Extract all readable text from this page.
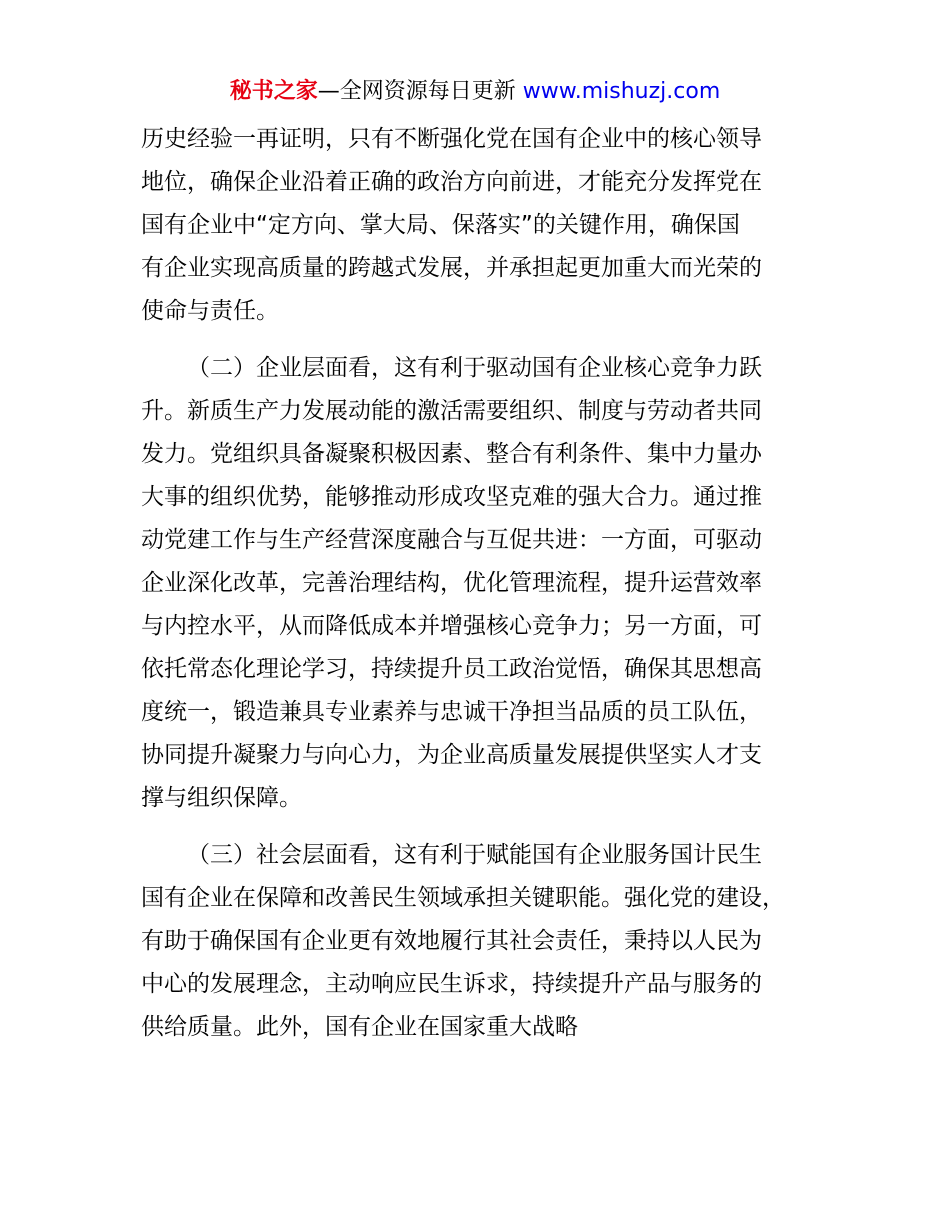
秘书之家—全网资源每日更新 www.mishuzj.com

历史经验一再证明，只有不断强化党在国有企业中的核心领导
地位，确保企业沿着正确的政治方向前进，才能充分发挥党在
国有企业中“定方向、掌大局、保落实”的关键作用，确保国
有企业实现高质量的跨越式发展，并承担起更加重大而光荣的
使命与责任。

（二）企业层面看，这有利于驱动国有企业核心竞争力跃
升。新质生产力发展动能的激活需要组织、制度与劳动者共同
发力。党组织具备凝聚积极因素、整合有利条件、集中力量办
大事的组织优势，能够推动形成攻坚克难的强大合力。通过推
动党建工作与生产经营深度融合与互促共进：一方面，可驱动
企业深化改革，完善治理结构，优化管理流程，提升运营效率
与内控水平，从而降低成本并增强核心竞争力；另一方面，可
依托常态化理论学习，持续提升员工政治觉悟，确保其思想高
度统一，锻造兼具专业素养与忠诚干净担当品质的员工队伍，
协同提升凝聚力与向心力，为企业高质量发展提供坚实人才支
撑与组织保障。

（三）社会层面看，这有利于赋能国有企业服务国计民生
国有企业在保障和改善民生领域承担关键职能。强化党的建设，
有助于确保国有企业更有效地履行其社会责任，秉持以人民为
中心的发展理念，主动响应民生诉求，持续提升产品与服务的
供给质量。此外，国有企业在国家重大战略
